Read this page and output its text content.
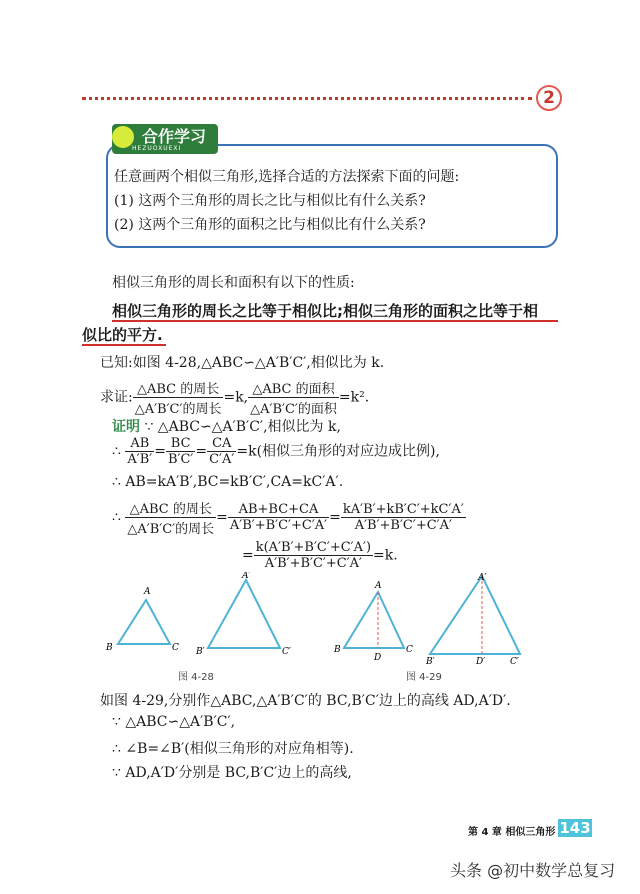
2
合作学习
HEZUOXUEXI
任意画两个相似三角形,选择合适的方法探索下面的问题:
(1) 这两个三角形的周长之比与相似比有什么关系?
(2) 这两个三角形的面积之比与相似比有什么关系?
相似三角形的周长和面积有以下的性质:
相似三角形的周长之比等于相似比;相似三角形的面积之比等于相
似比的平方.
已知:如图 4-28,△ABC∽△A′B′C′,相似比为 k.
求证: $\frac{\text{△ABC 的周长}}{\text{△A′B′C′的周长}} =k$, $\frac{\text{△ABC 的面积}}{\text{△A′B′C′的面积}} =k^2$.
证明 ∵ △ABC∽△A′B′C′,相似比为 k,
∴ $\frac{AB}{A'B'} = \frac{BC}{B'C'} = \frac{CA}{C'A'} =k$(相似三角形的对应边成比例),
∴ AB=kA′B′,BC=kB′C′,CA=kC′A′.
∴ $\frac{\text{△ABC 的周长}}{\text{△A′B′C′的周长}} = \frac{AB+BC+CA}{A'B'+B'C'+C'A'} = \frac{kA'B'+kB'C'+kC'A'}{A'B'+B'C'+C'A'}$
= $\frac{k(A'B'+B'C'+C'A')}{A'B'+B'C'+C'A'} =k$.
A
B	C
A′
B′	C′
A
B	C
D
A′
B′	C′
D′
图 4-28	图 4-29
如图 4-29,分别作△ABC,△A′B′C′的 BC,B′C′边上的高线 AD,A′D′.
∵ △ABC∽△A′B′C′,
∴ ∠B=∠B′(相似三角形的对应角相等).
∵ AD,A′D′分别是 BC,B′C′边上的高线,
第 4 章 相似三角形 143
头条 @初中数学总复习
